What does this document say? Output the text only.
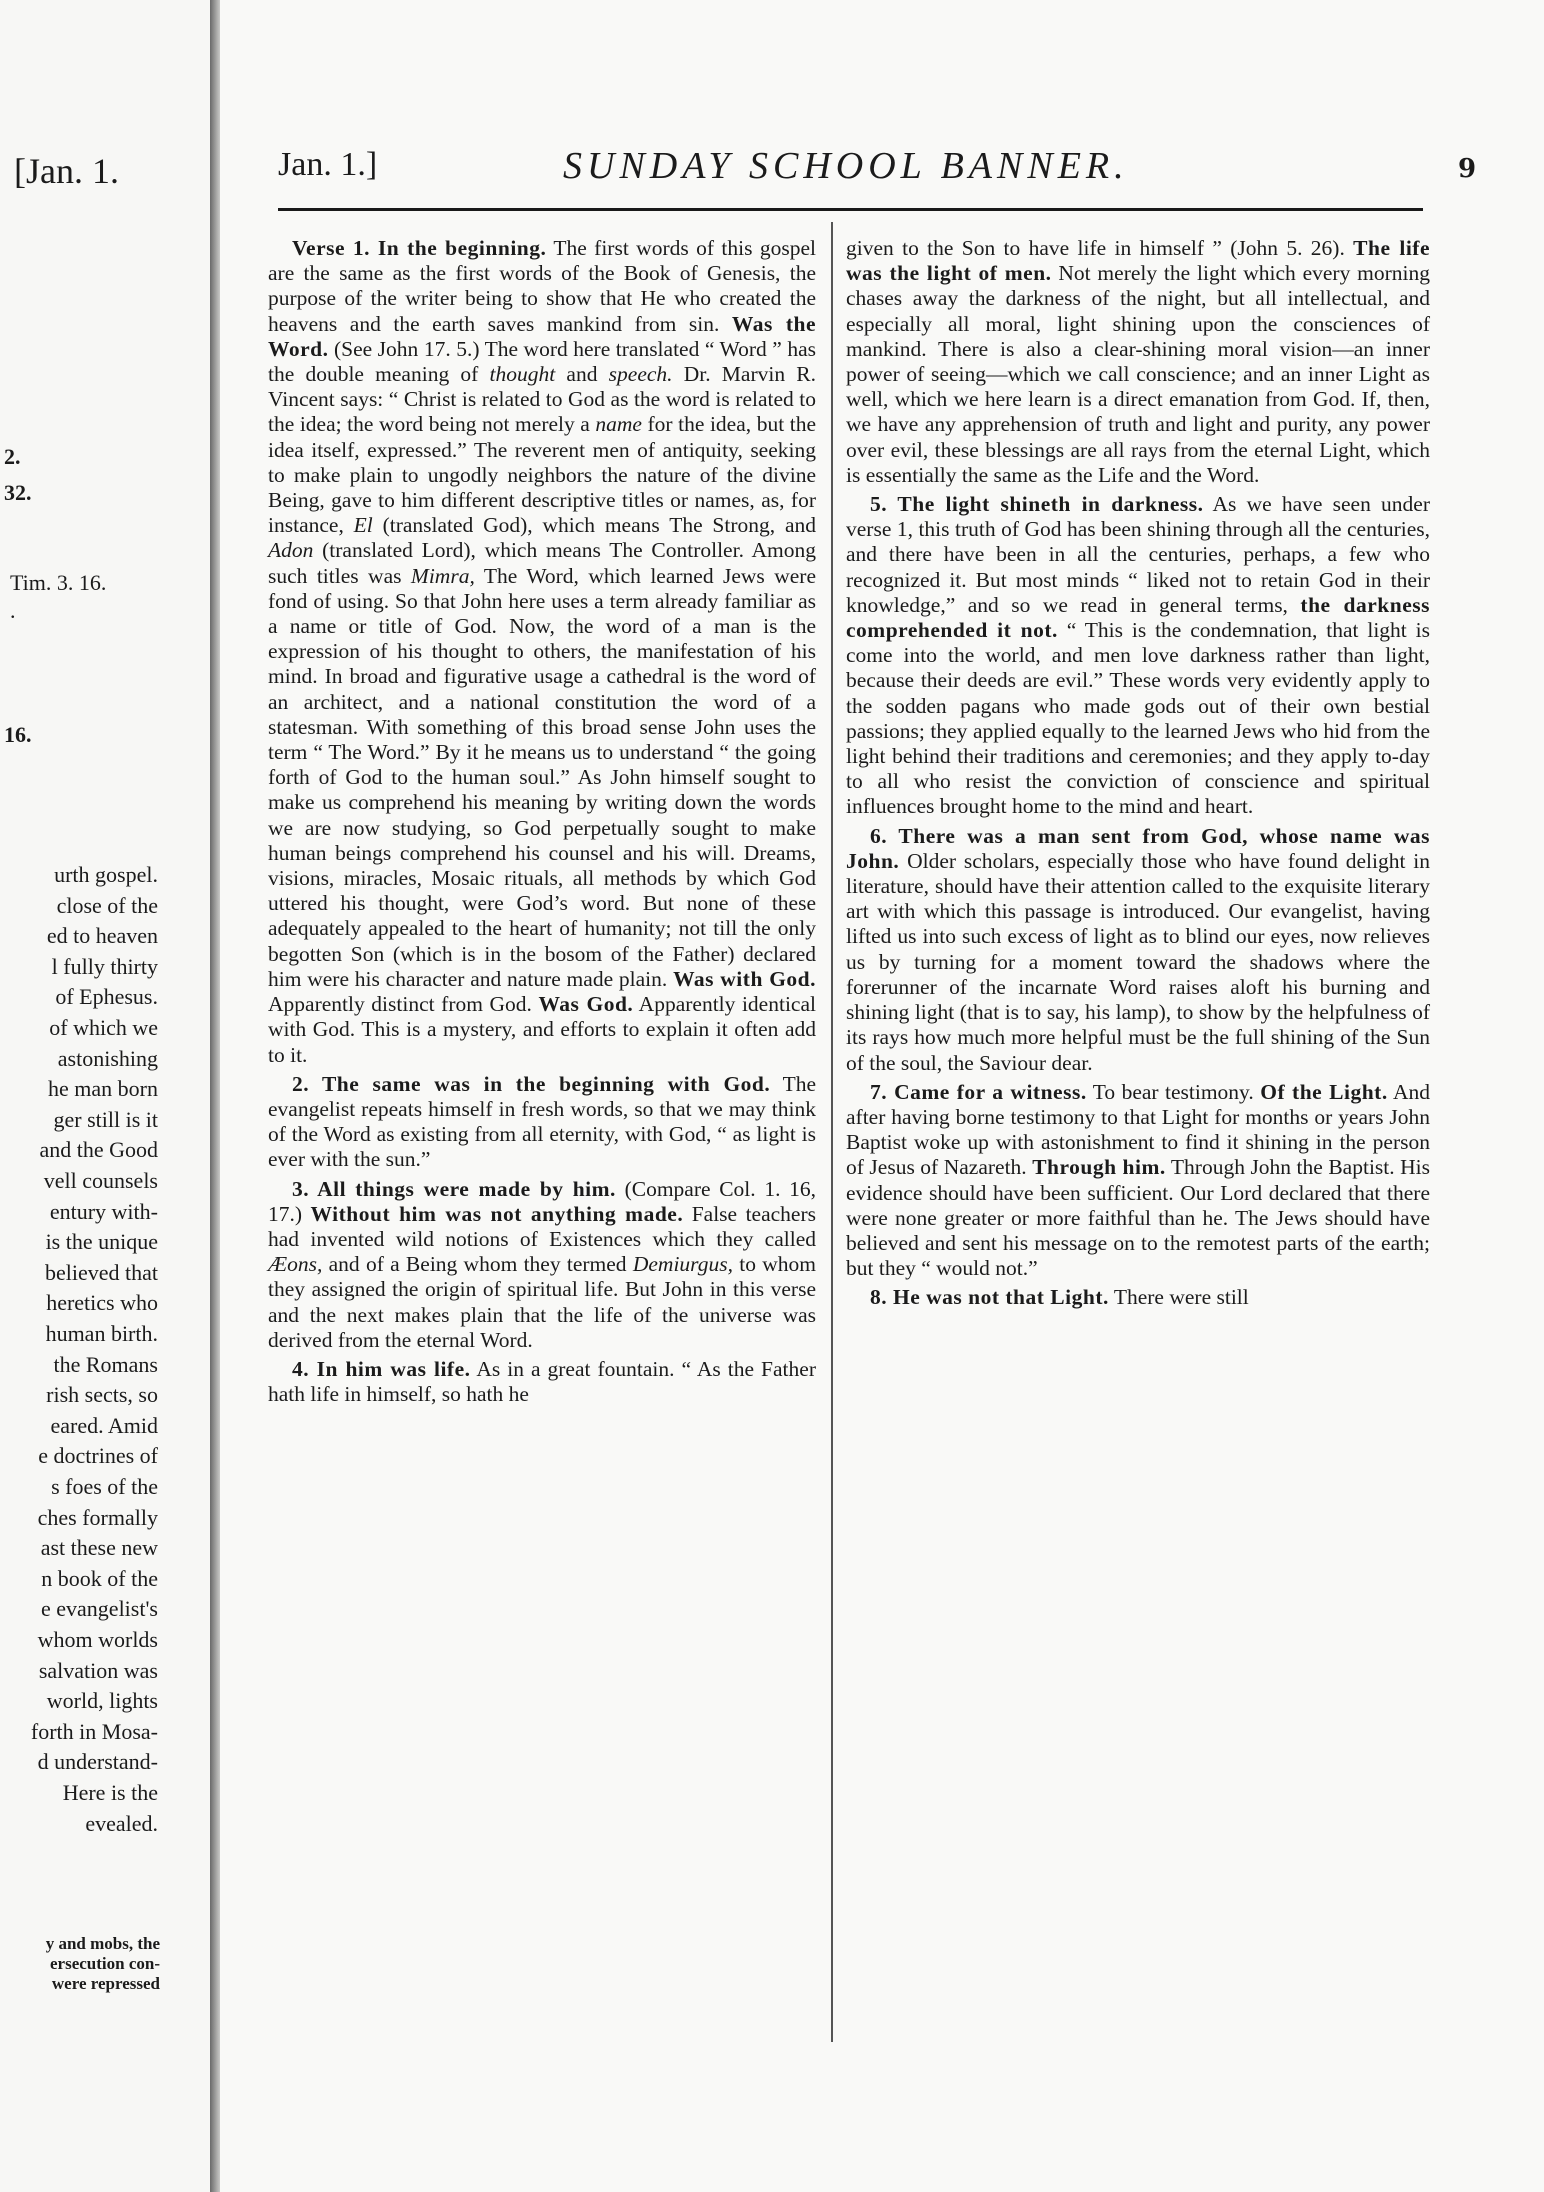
[Jan. 1.
2.
32.
Tim. 3. 16.
.
16.
urth gospel.
close of the
ed to heaven
l fully thirty
of Ephesus.
of which we
astonishing
he man born
ger still is it
and the Good
vell counsels
entury with-
is the unique
believed that
heretics who
human birth.
the Romans
rish sects, so
eared. Amid
e doctrines of
s foes of the
ches formally
ast these new
n book of the
e evangelist's
whom worlds
salvation was
world, lights
forth in Mosa-
d understand-
Here is the
evealed.
y and mobs, the
ersecution con-
were repressed
Jan. 1.]	SUNDAY SCHOOL BANNER.	9

Verse 1. In the beginning. The first words of this gospel are the same as the first words of the Book of Genesis, the purpose of the writer being to show that He who created the heavens and the earth saves mankind from sin. Was the Word. (See John 17. 5.) The word here translated “ Word ” has the double meaning of thought and speech. Dr. Marvin R. Vincent says: “ Christ is related to God as the word is related to the idea; the word being not merely a name for the idea, but the idea itself, expressed.” The reverent men of antiquity, seeking to make plain to ungodly neighbors the nature of the divine Being, gave to him different descriptive titles or names, as, for instance, El (translated God), which means The Strong, and Adon (translated Lord), which means The Controller. Among such titles was Mimra, The Word, which learned Jews were fond of using. So that John here uses a term already familiar as a name or title of God. Now, the word of a man is the expression of his thought to others, the manifestation of his mind. In broad and figurative usage a cathedral is the word of an architect, and a national constitution the word of a statesman. With something of this broad sense John uses the term “ The Word.” By it he means us to understand “ the going forth of God to the human soul.” As John himself sought to make us comprehend his meaning by writing down the words we are now studying, so God perpetually sought to make human beings comprehend his counsel and his will. Dreams, visions, miracles, Mosaic rituals, all methods by which God uttered his thought, were God’s word. But none of these adequately appealed to the heart of humanity; not till the only begotten Son (which is in the bosom of the Father) declared him were his character and nature made plain. Was with God. Apparently distinct from God. Was God. Apparently identical with God. This is a mystery, and efforts to explain it often add to it.

2. The same was in the beginning with God. The evangelist repeats himself in fresh words, so that we may think of the Word as existing from all eternity, with God, “ as light is ever with the sun.”

3. All things were made by him. (Compare Col. 1. 16, 17.) Without him was not anything made. False teachers had invented wild notions of Existences which they called Æons, and of a Being whom they termed Demiurgus, to whom they assigned the origin of spiritual life. But John in this verse and the next makes plain that the life of the universe was derived from the eternal Word.

4. In him was life. As in a great fountain. “ As the Father hath life in himself, so hath he

given to the Son to have life in himself ” (John 5. 26). The life was the light of men. Not merely the light which every morning chases away the darkness of the night, but all intellectual, and especially all moral, light shining upon the consciences of mankind. There is also a clear-shining moral vision—an inner power of seeing—which we call conscience; and an inner Light as well, which we here learn is a direct emanation from God. If, then, we have any apprehension of truth and light and purity, any power over evil, these blessings are all rays from the eternal Light, which is essentially the same as the Life and the Word.

5. The light shineth in darkness. As we have seen under verse 1, this truth of God has been shining through all the centuries, and there have been in all the centuries, perhaps, a few who recognized it. But most minds “ liked not to retain God in their knowledge,” and so we read in general terms, the darkness comprehended it not. “ This is the condemnation, that light is come into the world, and men love darkness rather than light, because their deeds are evil.” These words very evidently apply to the sodden pagans who made gods out of their own bestial passions; they applied equally to the learned Jews who hid from the light behind their traditions and ceremonies; and they apply to-day to all who resist the conviction of conscience and spiritual influences brought home to the mind and heart.

6. There was a man sent from God, whose name was John. Older scholars, especially those who have found delight in literature, should have their attention called to the exquisite literary art with which this passage is introduced. Our evangelist, having lifted us into such excess of light as to blind our eyes, now relieves us by turning for a moment toward the shadows where the forerunner of the incarnate Word raises aloft his burning and shining light (that is to say, his lamp), to show by the helpfulness of its rays how much more helpful must be the full shining of the Sun of the soul, the Saviour dear.

7. Came for a witness. To bear testimony. Of the Light. And after having borne testimony to that Light for months or years John Baptist woke up with astonishment to find it shining in the person of Jesus of Nazareth. Through him. Through John the Baptist. His evidence should have been sufficient. Our Lord declared that there were none greater or more faithful than he. The Jews should have believed and sent his message on to the remotest parts of the earth; but they “ would not.”

8. He was not that Light. There were still
